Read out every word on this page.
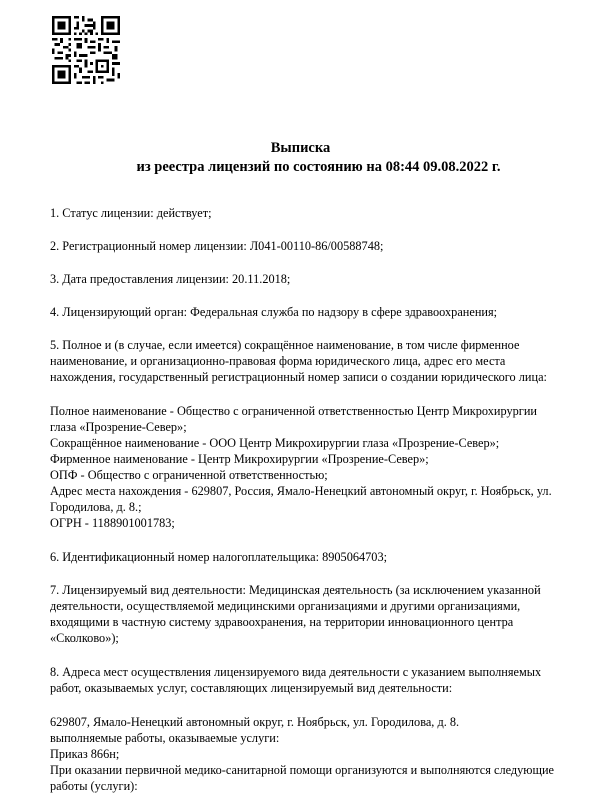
Выписка
из реестра лицензий по состоянию на 08:44 09.08.2022 г.

1. Статус лицензии: действует;

2. Регистрационный номер лицензии: Л041-00110-86/00588748;

3. Дата предоставления лицензии: 20.11.2018;

4. Лицензирующий орган: Федеральная служба по надзору в сфере здравоохранения;

5. Полное и (в случае, если имеется) сокращённое наименование, в том числе фирменное

наименование, и организационно-правовая форма юридического лица, адрес его места

нахождения, государственный регистрационный номер записи о создании юридического лица:

Полное наименование - Общество с ограниченной ответственностью Центр Микрохирургии

глаза «Прозрение-Север»;

Сокращённое наименование - ООО Центр Микрохирургии глаза «Прозрение-Север»;

Фирменное наименование - Центр Микрохирургии «Прозрение-Север»;

ОПФ - Общество с ограниченной ответственностью;

Адрес места нахождения - 629807, Россия, Ямало-Ненецкий автономный округ, г. Ноябрьск, ул.

Городилова, д. 8.;

ОГРН - 1188901001783;

6. Идентификационный номер налогоплательщика: 8905064703;

7. Лицензируемый вид деятельности: Медицинская деятельность (за исключением указанной

деятельности, осуществляемой медицинскими организациями и другими организациями,

входящими в частную систему здравоохранения, на территории инновационного центра

«Сколково»);

8. Адреса мест осуществления лицензируемого вида деятельности с указанием выполняемых

работ, оказываемых услуг, составляющих лицензируемый вид деятельности:

629807, Ямало-Ненецкий автономный округ, г. Ноябрьск, ул. Городилова, д. 8.

выполняемые работы, оказываемые услуги:

Приказ 866н;

При оказании первичной медико-санитарной помощи организуются и выполняются следующие

работы (услуги):
